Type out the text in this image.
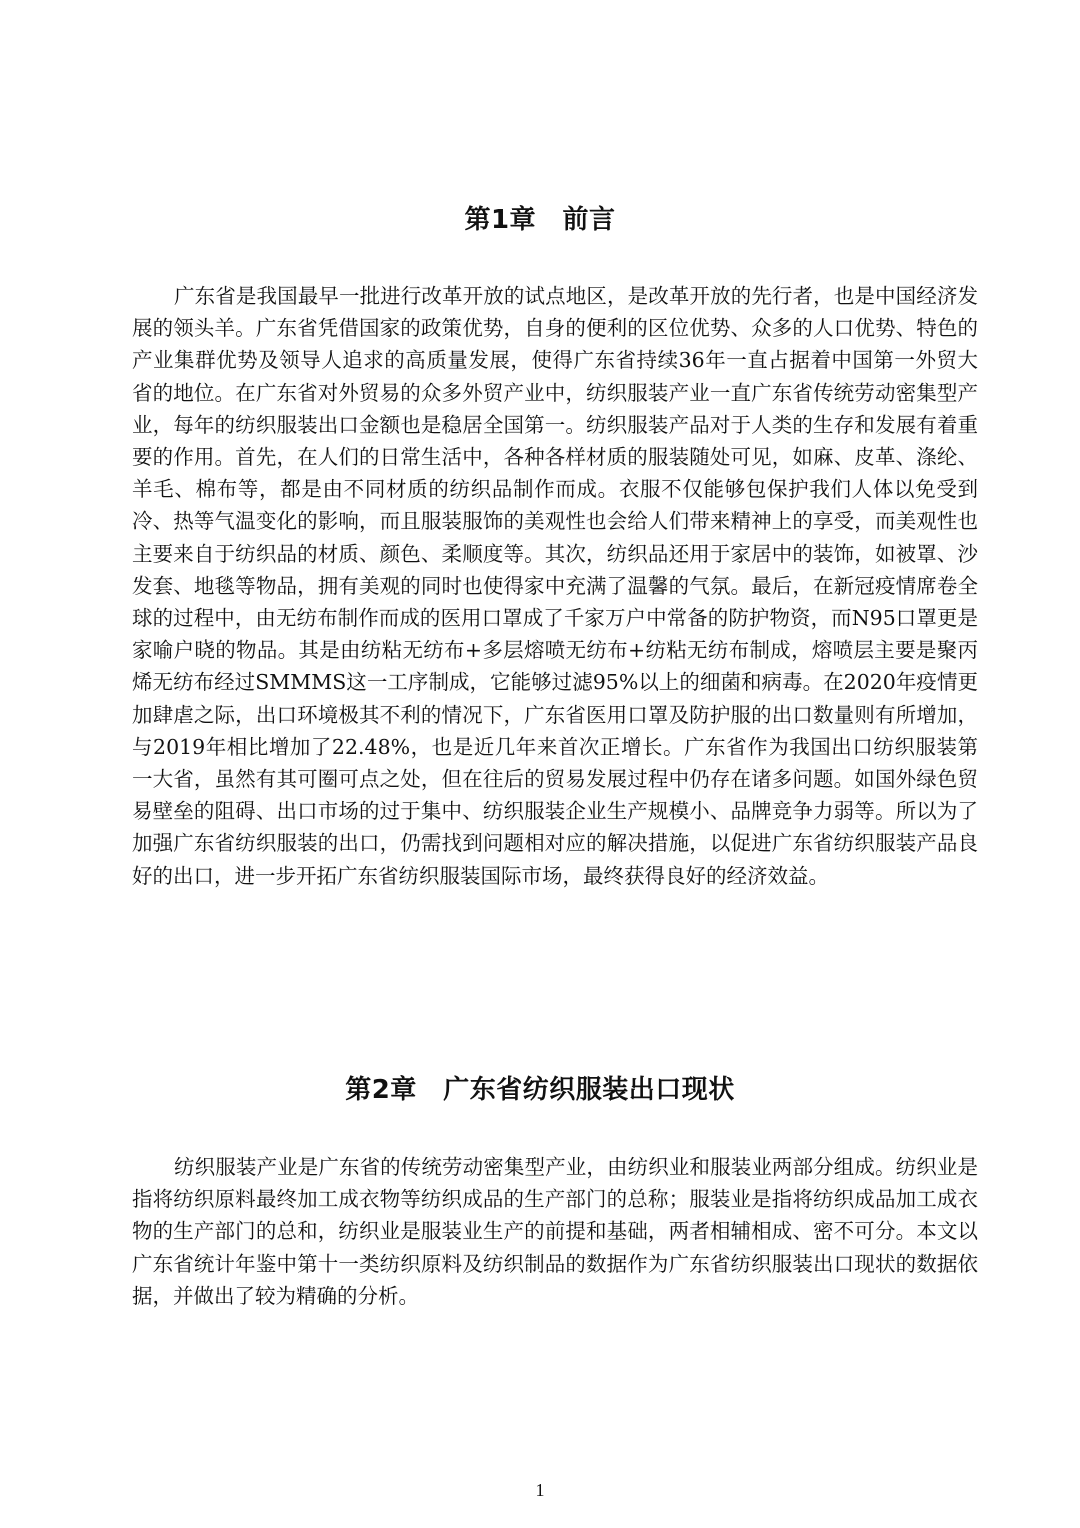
第1章　前言

广东省是我国最早一批进行改革开放的试点地区，是改革开放的先行者，也是中国经济发展的领头羊。广东省凭借国家的政策优势，自身的便利的区位优势、众多的人口优势、特色的产业集群优势及领导人追求的高质量发展，使得广东省持续36年一直占据着中国第一外贸大省的地位。在广东省对外贸易的众多外贸产业中，纺织服装产业一直广东省传统劳动密集型产业，每年的纺织服装出口金额也是稳居全国第一。纺织服装产品对于人类的生存和发展有着重要的作用。首先，在人们的日常生活中，各种各样材质的服装随处可见，如麻、皮革、涤纶、羊毛、棉布等，都是由不同材质的纺织品制作而成。衣服不仅能够包保护我们人体以免受到冷、热等气温变化的影响，而且服装服饰的美观性也会给人们带来精神上的享受，而美观性也主要来自于纺织品的材质、颜色、柔顺度等。其次，纺织品还用于家居中的装饰，如被罩、沙发套、地毯等物品，拥有美观的同时也使得家中充满了温馨的气氛。最后，在新冠疫情席卷全球的过程中，由无纺布制作而成的医用口罩成了千家万户中常备的防护物资，而N95口罩更是家喻户晓的物品。其是由纺粘无纺布+多层熔喷无纺布+纺粘无纺布制成，熔喷层主要是聚丙烯无纺布经过SMMMS这一工序制成，它能够过滤95%以上的细菌和病毒。在2020年疫情更加肆虐之际，出口环境极其不利的情况下，广东省医用口罩及防护服的出口数量则有所增加，与2019年相比增加了22.48%，也是近几年来首次正增长。广东省作为我国出口纺织服装第一大省，虽然有其可圈可点之处，但在往后的贸易发展过程中仍存在诸多问题。如国外绿色贸易壁垒的阻碍、出口市场的过于集中、纺织服装企业生产规模小、品牌竞争力弱等。所以为了加强广东省纺织服装的出口，仍需找到问题相对应的解决措施，以促进广东省纺织服装产品良好的出口，进一步开拓广东省纺织服装国际市场，最终获得良好的经济效益。

第2章　广东省纺织服装出口现状

纺织服装产业是广东省的传统劳动密集型产业，由纺织业和服装业两部分组成。纺织业是指将纺织原料最终加工成衣物等纺织成品的生产部门的总称；服装业是指将纺织成品加工成衣物的生产部门的总和，纺织业是服装业生产的前提和基础，两者相辅相成、密不可分。本文以广东省统计年鉴中第十一类纺织原料及纺织制品的数据作为广东省纺织服装出口现状的数据依据，并做出了较为精确的分析。

1
